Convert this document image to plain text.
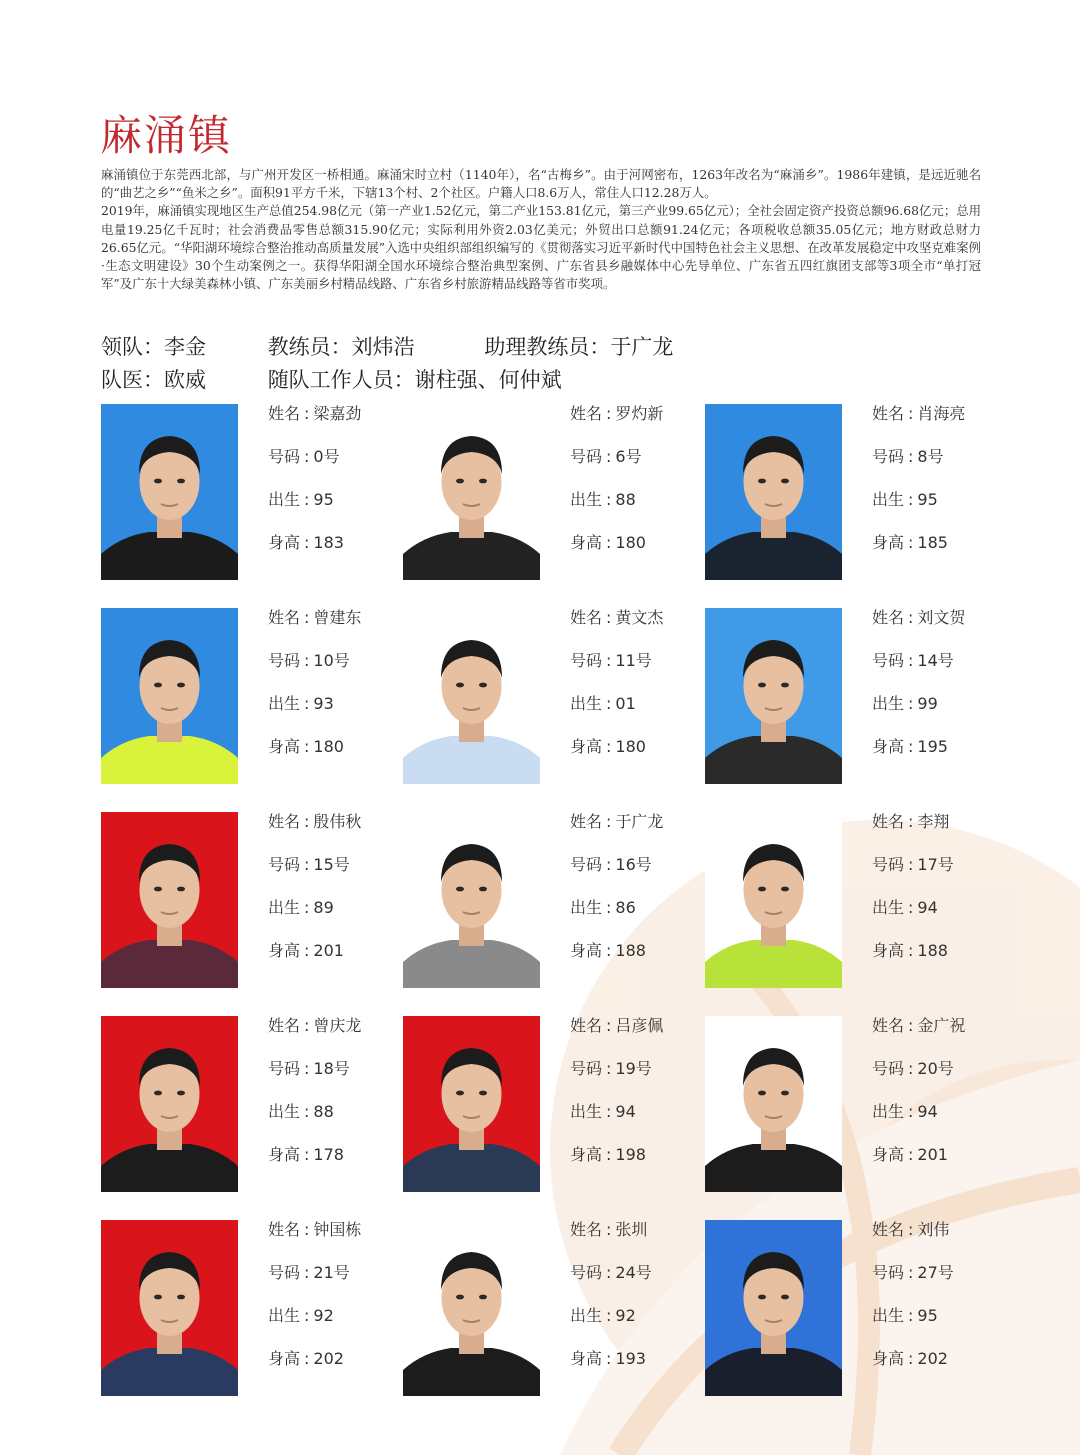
麻涌镇

麻涌镇位于东莞西北部，与广州开发区一桥相通。麻涌宋时立村（1140年），名“古梅乡”。由于河网密布，1263年改名为“麻涌乡”。1986年建镇，是远近驰名的“曲艺之乡”“鱼米之乡”。面积91平方千米，下辖13个村、2个社区。户籍人口8.6万人，常住人口12.28万人。

2019年，麻涌镇实现地区生产总值254.98亿元（第一产业1.52亿元，第二产业153.81亿元，第三产业99.65亿元）；全社会固定资产投资总额96.68亿元；总用电量19.25亿千瓦时；社会消费品零售总额315.90亿元；实际利用外资2.03亿美元；外贸出口总额91.24亿元；各项税收总额35.05亿元；地方财政总财力26.65亿元。“华阳湖环境综合整治推动高质量发展”入选中央组织部组织编写的《贯彻落实习近平新时代中国特色社会主义思想、在改革发展稳定中攻坚克难案例·生态文明建设》30个生动案例之一。获得华阳湖全国水环境综合整治典型案例、广东省县乡融媒体中心先导单位、广东省五四红旗团支部等3项全市“单打冠军”及广东十大绿美森林小镇、广东美丽乡村精品线路、广东省乡村旅游精品线路等省市奖项。

领队：李金	教练员：刘炜浩	助理教练员：于广龙
队医：欧威	随队工作人员：谢柱强、何仲斌
姓名 : 梁嘉劲
号码 : 0号
出生 : 95
身高 : 183
姓名 : 罗灼新
号码 : 6号
出生 : 88
身高 : 180
姓名 : 肖海亮
号码 : 8号
出生 : 95
身高 : 185
姓名 : 曾建东
号码 : 10号
出生 : 93
身高 : 180
姓名 : 黄文杰
号码 : 11号
出生 : 01
身高 : 180
姓名 : 刘文贺
号码 : 14号
出生 : 99
身高 : 195
姓名 : 殷伟秋
号码 : 15号
出生 : 89
身高 : 201
姓名 : 于广龙
号码 : 16号
出生 : 86
身高 : 188
姓名 : 李翔
号码 : 17号
出生 : 94
身高 : 188
姓名 : 曾庆龙
号码 : 18号
出生 : 88
身高 : 178
姓名 : 吕彦佩
号码 : 19号
出生 : 94
身高 : 198
姓名 : 金广祝
号码 : 20号
出生 : 94
身高 : 201
姓名 : 钟国栋
号码 : 21号
出生 : 92
身高 : 202
姓名 : 张圳
号码 : 24号
出生 : 92
身高 : 193
姓名 : 刘伟
号码 : 27号
出生 : 95
身高 : 202
